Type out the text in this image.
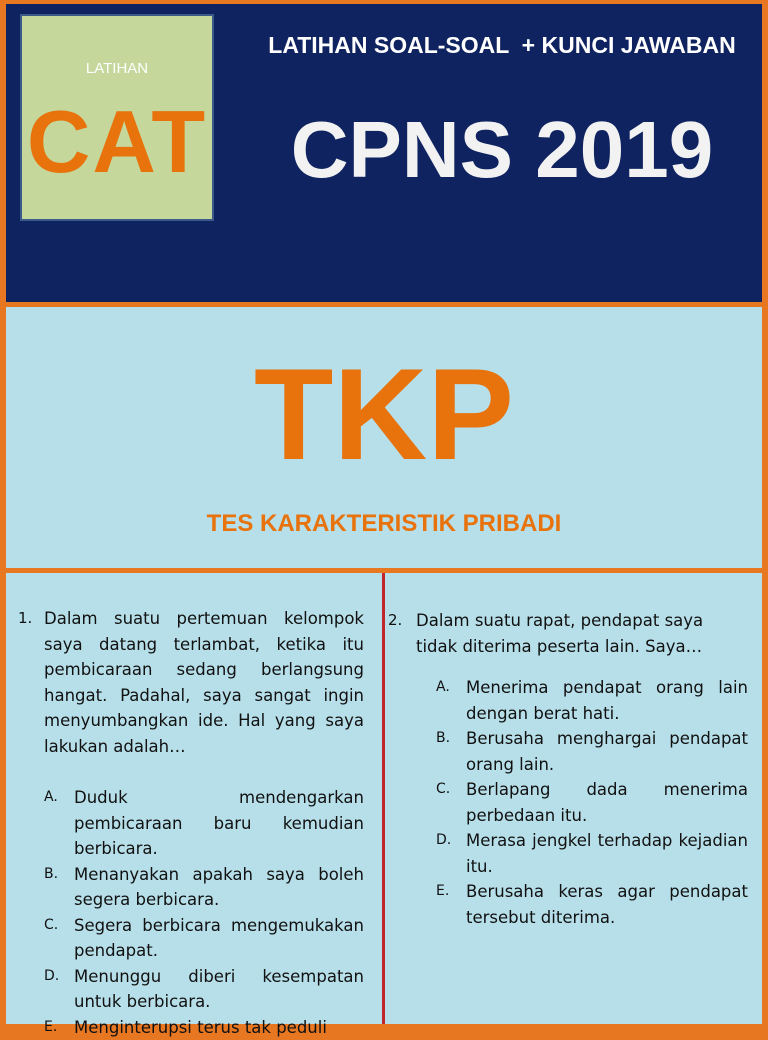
LATIHAN
CAT
LATIHAN SOAL-SOAL  + KUNCI JAWABAN
CPNS 2019
TKP
TES KARAKTERISTIK PRIBADI
1. Dalam suatu pertemuan kelompok saya datang terlambat, ketika itu pembicaraan sedang berlangsung hangat. Padahal, saya sangat ingin menyumbangkan ide. Hal yang saya lakukan adalah…
A. Duduk mendengarkan pembicaraan baru kemudian berbicara.
B. Menanyakan apakah saya boleh segera berbicara.
C. Segera berbicara mengemukakan pendapat.
D. Menunggu diberi kesempatan untuk berbicara.
E.	Menginterupsi terus tak peduli
2. Dalam suatu rapat, pendapat saya tidak diterima peserta lain. Saya…
A. Menerima pendapat orang lain dengan berat hati.
B. Berusaha menghargai pendapat orang lain.
C. Berlapang dada menerima perbedaan itu.
D. Merasa jengkel terhadap kejadian itu.
E.	Berusaha keras agar pendapat tersebut diterima.
